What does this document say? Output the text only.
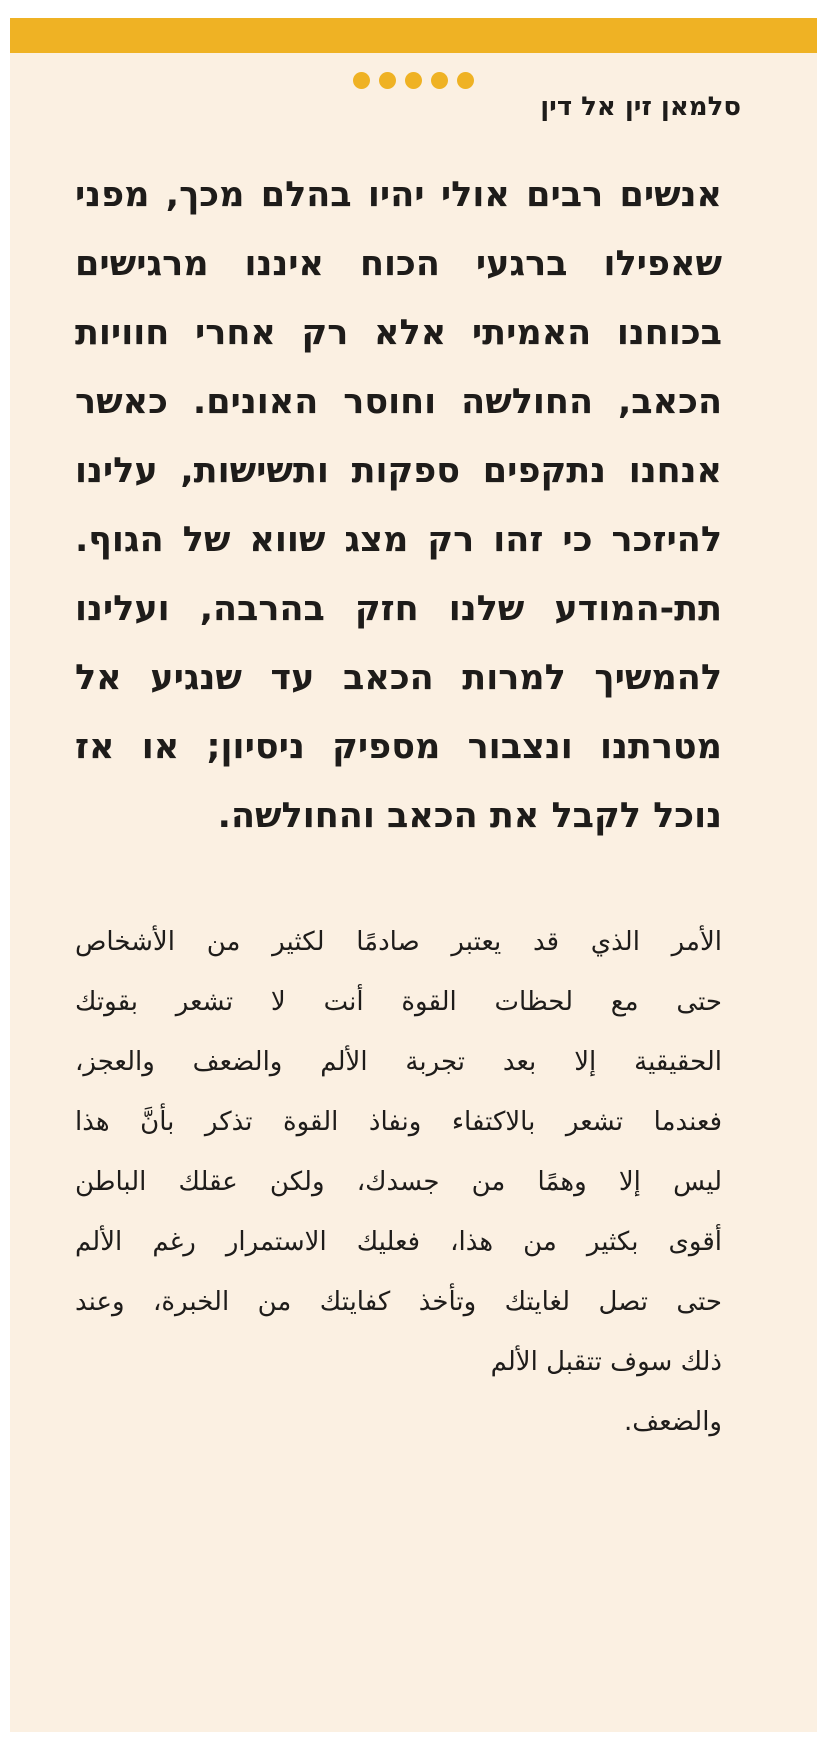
סלמאן זין אל דין

אנשים רבים אולי יהיו בהלם מכך, מפני שאפילו ברגעי הכוח איננו מרגישים בכוחנו האמיתי אלא רק אחרי חוויות הכאב, החולשה וחוסר האונים. כאשר אנחנו נתקפים ספקות ותשישות, עלינו להיזכר כי זהו רק מצג שווא של הגוף. תת-המודע שלנו חזק בהרבה, ועלינו להמשיך למרות הכאב עד שנגיע אל מטרתנו ונצבור מספיק ניסיון; או אז נוכל לקבל את הכאב והחולשה.

الأمر الذي قد يعتبر صادمًا لكثير من الأشخاص
حتى مع لحظات القوة أنت لا تشعر بقوتك
الحقيقية إلا بعد تجربة الألم والضعف والعجز،
فعندما تشعر بالاكتفاء ونفاذ القوة تذكر بأنَّ هذا
ليس إلا وهمًا من جسدك، ولكن عقلك الباطن
أقوى بكثير من هذا، فعليك الاستمرار رغم الألم
حتى تصل لغايتك وتأخذ كفايتك من الخبرة، وعند
ذلك سوف تتقبل الألم
والضعف.
